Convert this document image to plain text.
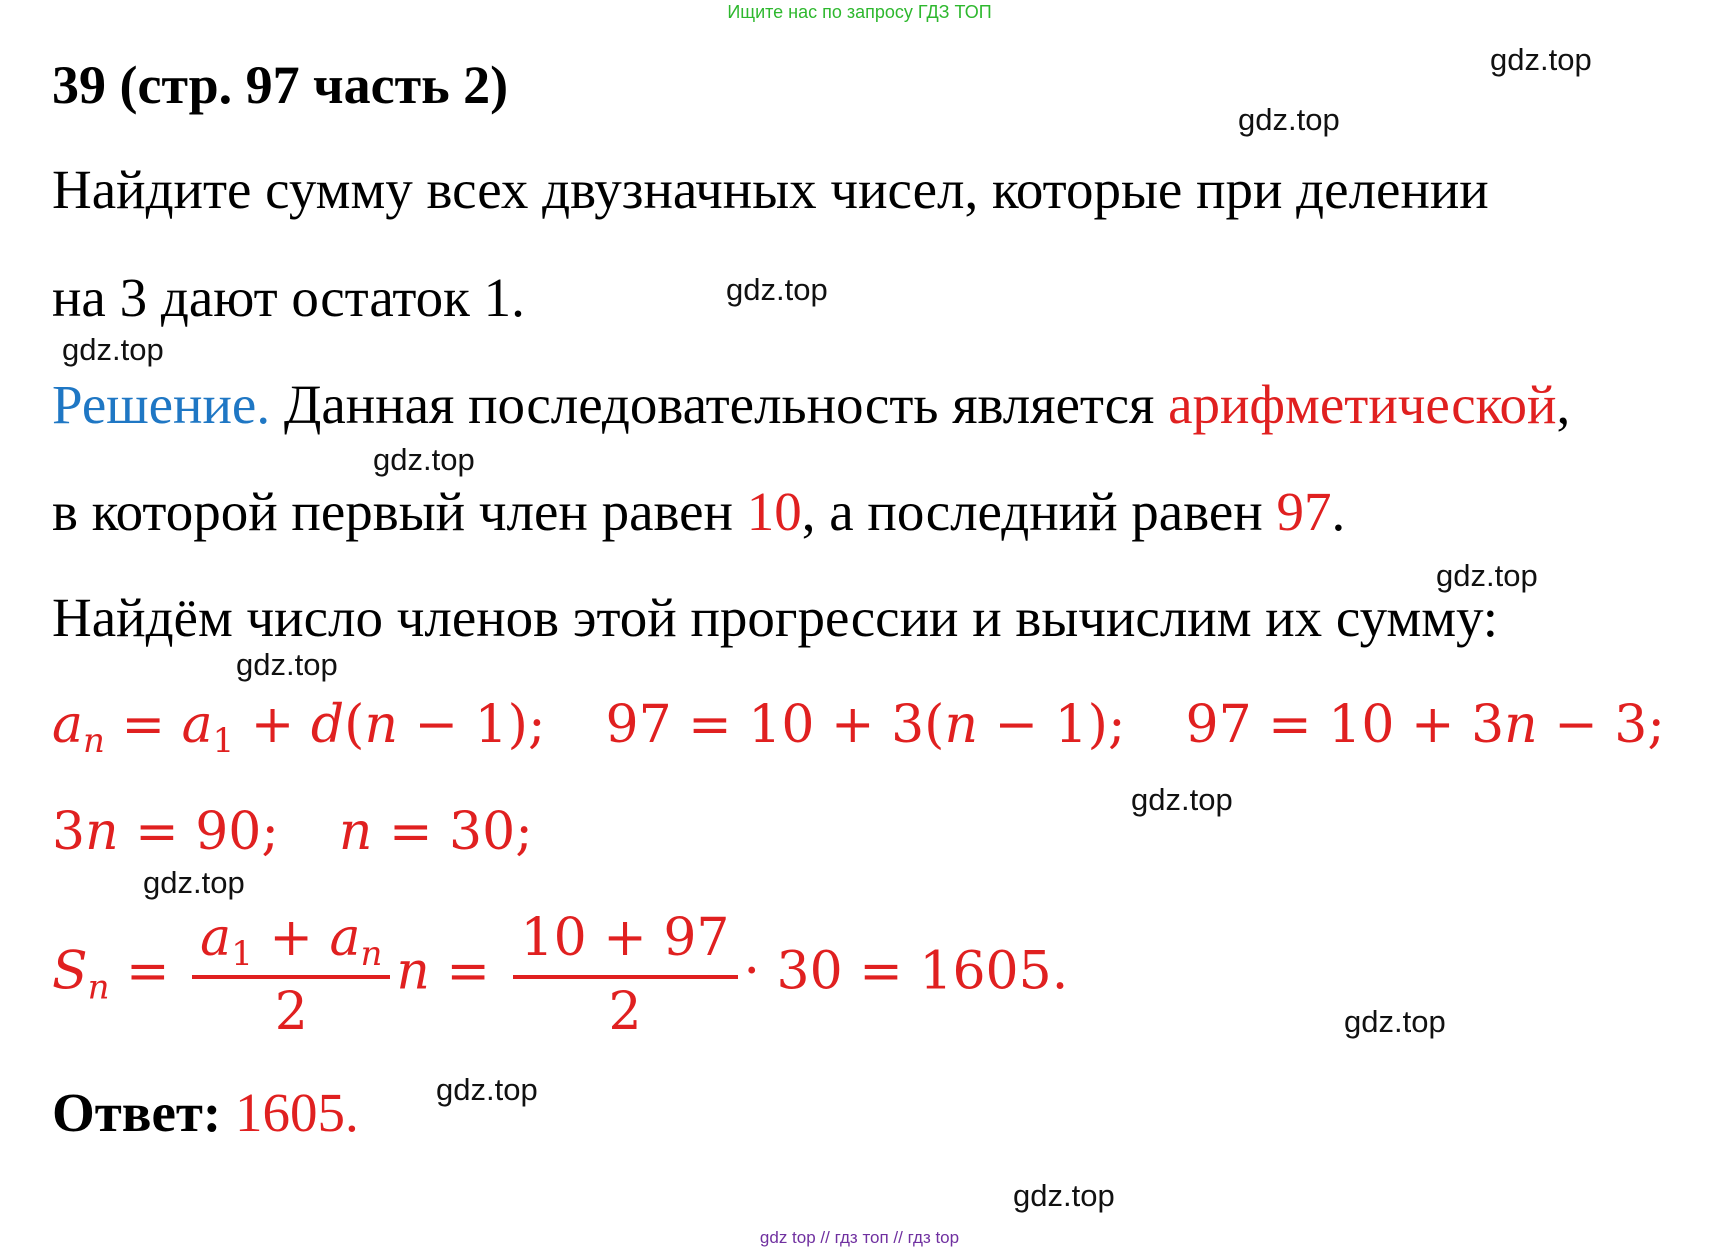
Ищите нас по запросу ГДЗ ТОП
39 (стр. 97 часть 2)
Найдите сумму всех двузначных чисел, которые при делении
на 3 дают остаток 1.
Решение. Данная последовательность является арифметической,
в которой первый член равен 10, а последний равен 97.
Найдём число членов этой прогрессии и вычислим их сумму:
$a_n = a_1 + d(n - 1)$; 97 = 10 + 3(n − 1); 97 = 10 + 3n − 3;
3n = 90; n = 30;
$S_n = \frac{a_1 + a_n}{2}$ $n = \frac{10 + 97}{2} \cdot 30 = 1605$.
Ответ: 1605.
gdz.top
gdz.top
gdz.top
gdz.top
gdz.top
gdz.top
gdz.top
gdz.top
gdz.top
gdz.top
gdz.top
gdz.top
gdz top // гдз топ // гдз top
